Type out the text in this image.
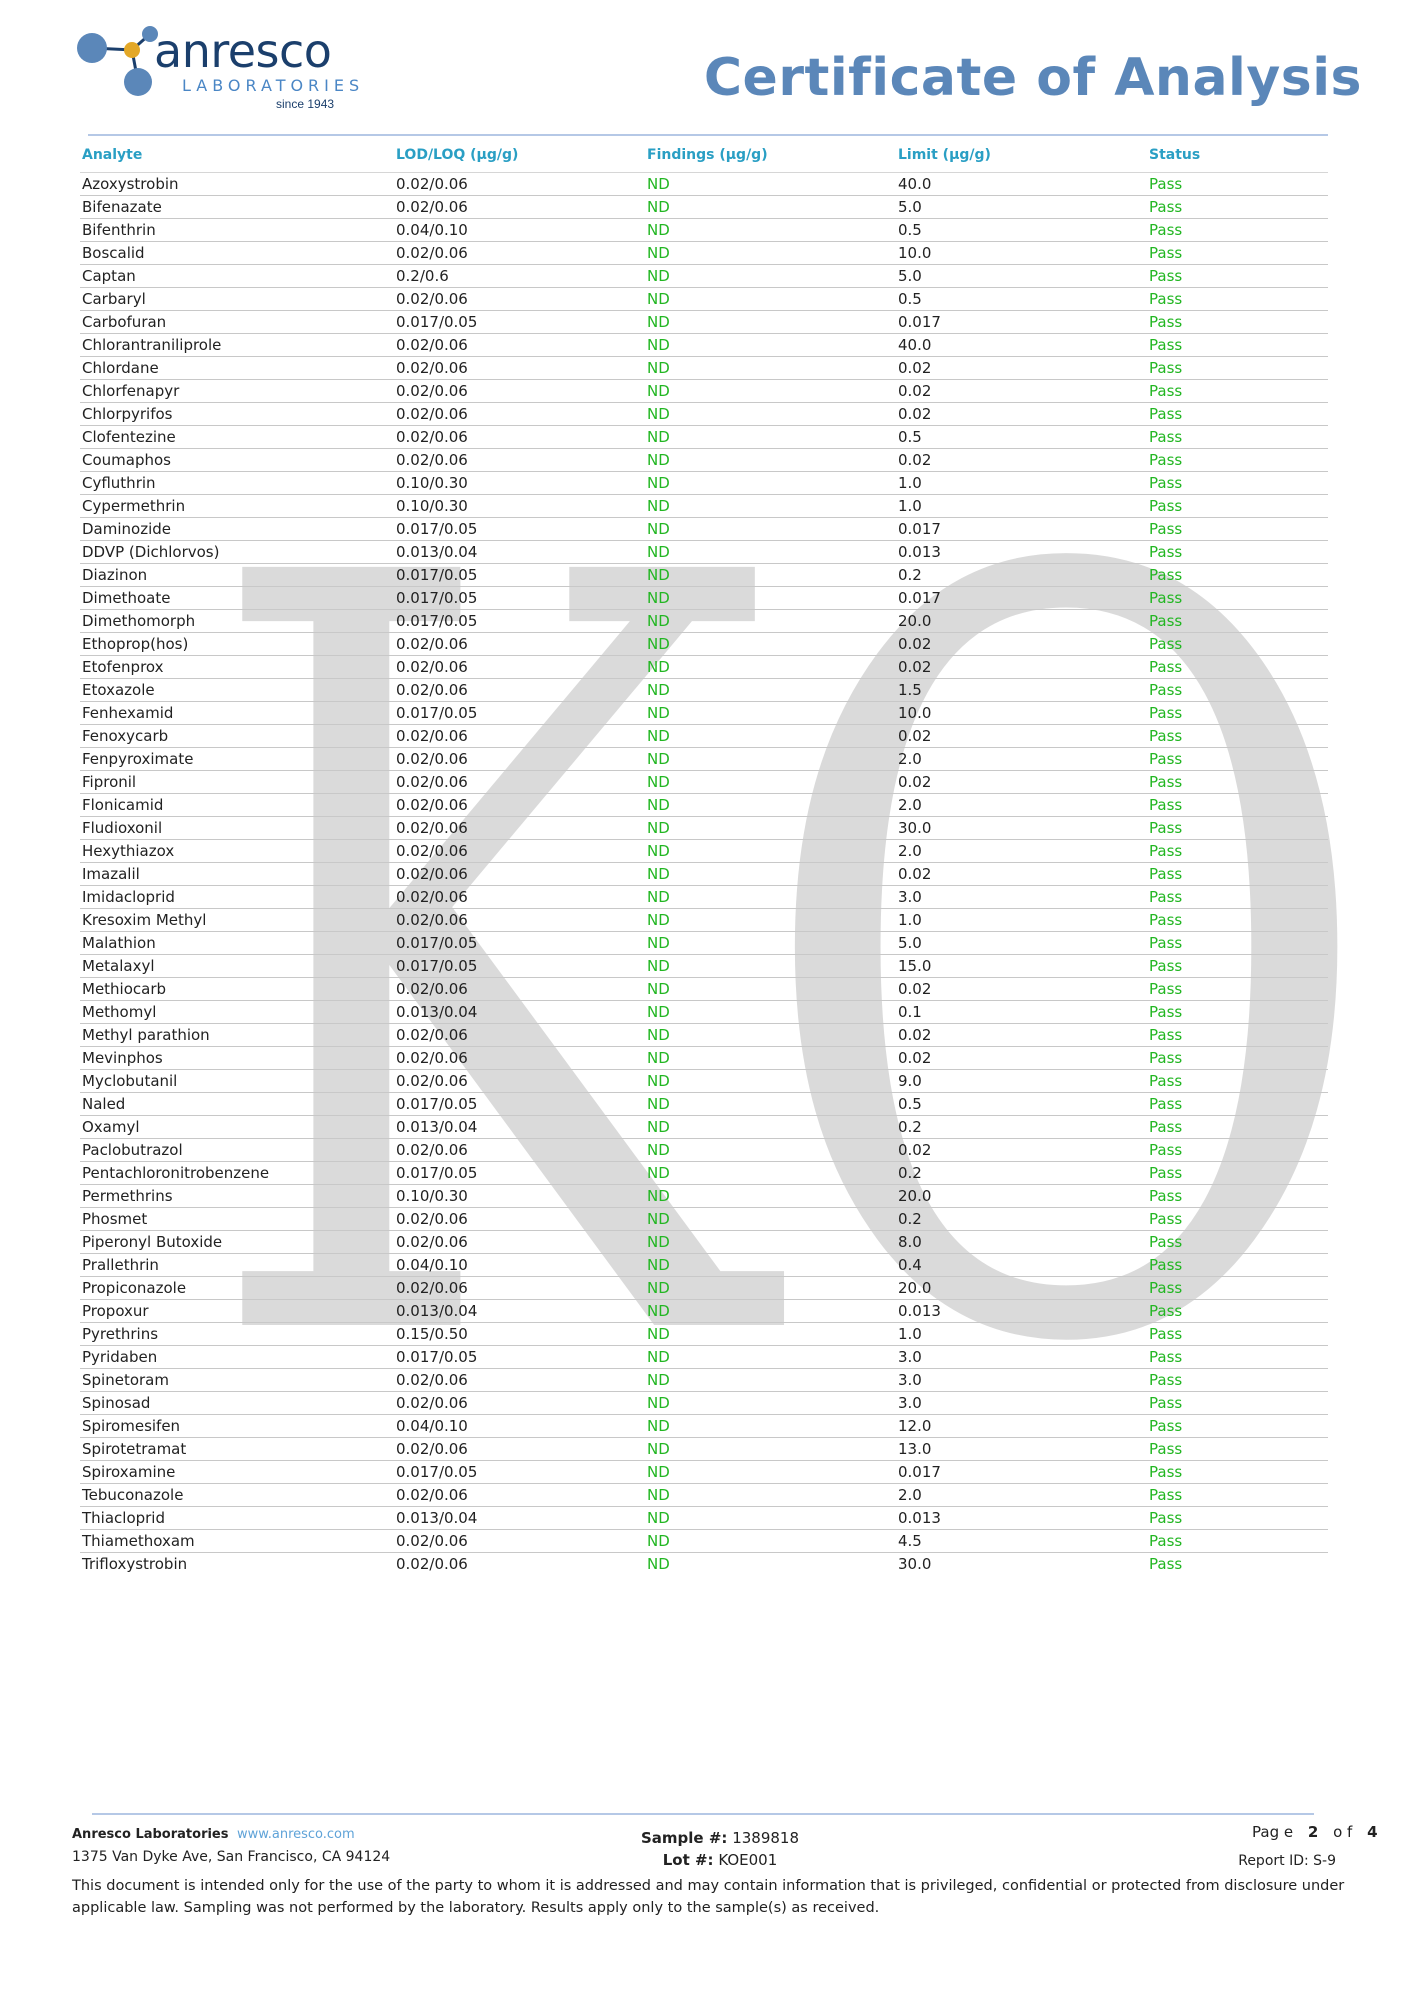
KO
anresco
LABORATORIES
since 1943	Certificate of Analysis
Analyte	LOD/LOQ (µg/g)	Findings (µg/g)	Limit (µg/g)	Status
Azoxystrobin	0.02/0.06	ND	40.0	Pass
Bifenazate	0.02/0.06	ND	5.0	Pass
Bifenthrin	0.04/0.10	ND	0.5	Pass
Boscalid	0.02/0.06	ND	10.0	Pass
Captan	0.2/0.6	ND	5.0	Pass
Carbaryl	0.02/0.06	ND	0.5	Pass
Carbofuran	0.017/0.05	ND	0.017	Pass
Chlorantraniliprole	0.02/0.06	ND	40.0	Pass
Chlordane	0.02/0.06	ND	0.02	Pass
Chlorfenapyr	0.02/0.06	ND	0.02	Pass
Chlorpyrifos	0.02/0.06	ND	0.02	Pass
Clofentezine	0.02/0.06	ND	0.5	Pass
Coumaphos	0.02/0.06	ND	0.02	Pass
Cyfluthrin	0.10/0.30	ND	1.0	Pass
Cypermethrin	0.10/0.30	ND	1.0	Pass
Daminozide	0.017/0.05	ND	0.017	Pass
DDVP (Dichlorvos)	0.013/0.04	ND	0.013	Pass
Diazinon	0.017/0.05	ND	0.2	Pass
Dimethoate	0.017/0.05	ND	0.017	Pass
Dimethomorph	0.017/0.05	ND	20.0	Pass
Ethoprop(hos)	0.02/0.06	ND	0.02	Pass
Etofenprox	0.02/0.06	ND	0.02	Pass
Etoxazole	0.02/0.06	ND	1.5	Pass
Fenhexamid	0.017/0.05	ND	10.0	Pass
Fenoxycarb	0.02/0.06	ND	0.02	Pass
Fenpyroximate	0.02/0.06	ND	2.0	Pass
Fipronil	0.02/0.06	ND	0.02	Pass
Flonicamid	0.02/0.06	ND	2.0	Pass
Fludioxonil	0.02/0.06	ND	30.0	Pass
Hexythiazox	0.02/0.06	ND	2.0	Pass
Imazalil	0.02/0.06	ND	0.02	Pass
Imidacloprid	0.02/0.06	ND	3.0	Pass
Kresoxim Methyl	0.02/0.06	ND	1.0	Pass
Malathion	0.017/0.05	ND	5.0	Pass
Metalaxyl	0.017/0.05	ND	15.0	Pass
Methiocarb	0.02/0.06	ND	0.02	Pass
Methomyl	0.013/0.04	ND	0.1	Pass
Methyl parathion	0.02/0.06	ND	0.02	Pass
Mevinphos	0.02/0.06	ND	0.02	Pass
Myclobutanil	0.02/0.06	ND	9.0	Pass
Naled	0.017/0.05	ND	0.5	Pass
Oxamyl	0.013/0.04	ND	0.2	Pass
Paclobutrazol	0.02/0.06	ND	0.02	Pass
Pentachloronitrobenzene	0.017/0.05	ND	0.2	Pass
Permethrins	0.10/0.30	ND	20.0	Pass
Phosmet	0.02/0.06	ND	0.2	Pass
Piperonyl Butoxide	0.02/0.06	ND	8.0	Pass
Prallethrin	0.04/0.10	ND	0.4	Pass
Propiconazole	0.02/0.06	ND	20.0	Pass
Propoxur	0.013/0.04	ND	0.013	Pass
Pyrethrins	0.15/0.50	ND	1.0	Pass
Pyridaben	0.017/0.05	ND	3.0	Pass
Spinetoram	0.02/0.06	ND	3.0	Pass
Spinosad	0.02/0.06	ND	3.0	Pass
Spiromesifen	0.04/0.10	ND	12.0	Pass
Spirotetramat	0.02/0.06	ND	13.0	Pass
Spiroxamine	0.017/0.05	ND	0.017	Pass
Tebuconazole	0.02/0.06	ND	2.0	Pass
Thiacloprid	0.013/0.04	ND	0.013	Pass
Thiamethoxam	0.02/0.06	ND	4.5	Pass
Trifloxystrobin	0.02/0.06	ND	30.0	Pass
Anresco Laboratories www.anresco.com
1375 Van Dyke Ave, San Francisco, CA 94124
Sample #: 1389818
Lot #: KOE001
Pag e 2 o f 4
Report ID: S-9
This document is intended only for the use of the party to whom it is addressed and may contain information that is privileged, confidential or protected from disclosure under applicable law. Sampling was not performed by the laboratory. Results apply only to the sample(s) as received.
